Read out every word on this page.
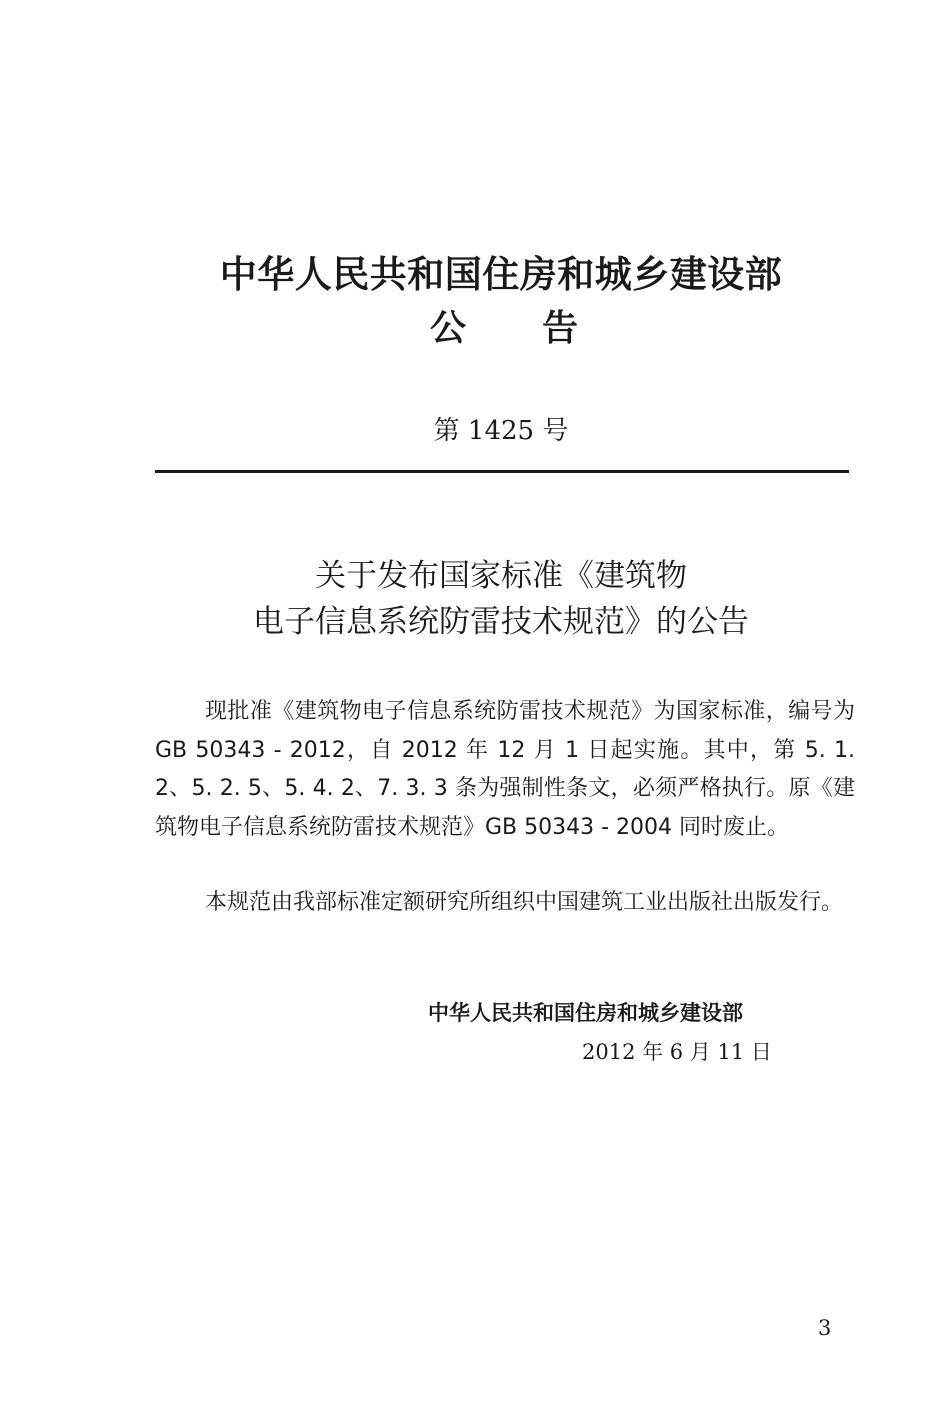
中华人民共和国住房和城乡建设部
公告
第 1425 号
关于发布国家标准《建筑物
电子信息系统防雷技术规范》的公告

现批准《建筑物电子信息系统防雷技术规范》为国家标准，编号为 GB 50343 - 2012，自 2012 年 12 月 1 日起实施。其中，第 5. 1. 2、5. 2. 5、5. 4. 2、7. 3. 3 条为强制性条文，必须严格执行。原《建筑物电子信息系统防雷技术规范》GB 50343 - 2004 同时废止。

本规范由我部标准定额研究所组织中国建筑工业出版社出版发行。

中华人民共和国住房和城乡建设部
2012 年 6 月 11 日
3
